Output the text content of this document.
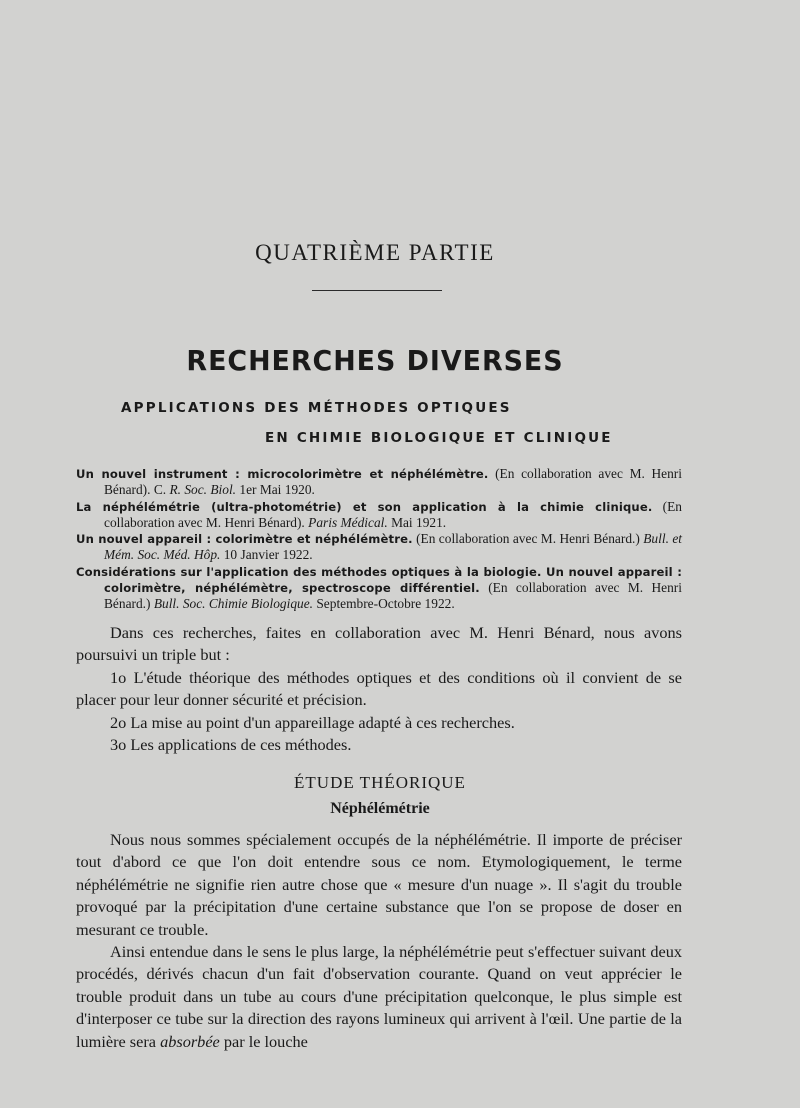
QUATRIÈME PARTIE
RECHERCHES DIVERSES
APPLICATIONS DES MÉTHODES OPTIQUES
EN CHIMIE BIOLOGIQUE ET CLINIQUE

Un nouvel instrument : microcolorimètre et néphélémètre. (En collaboration avec M. Henri Bénard). C. R. Soc. Biol. 1er Mai 1920.

La néphélémétrie (ultra-photométrie) et son application à la chimie clinique. (En collaboration avec M. Henri Bénard). Paris Médical. Mai 1921.

Un nouvel appareil : colorimètre et néphélémètre. (En collaboration avec M. Henri Bénard.) Bull. et Mém. Soc. Méd. Hôp. 10 Janvier 1922.

Considérations sur l'application des méthodes optiques à la biologie. Un nouvel appareil : colorimètre, néphélémètre, spectroscope différentiel. (En collaboration avec M. Henri Bénard.) Bull. Soc. Chimie Biologique. Septembre-Octobre 1922.

Dans ces recherches, faites en collaboration avec M. Henri Bénard, nous avons poursuivi un triple but :

1o L'étude théorique des méthodes optiques et des conditions où il convient de se placer pour leur donner sécurité et précision.

2o La mise au point d'un appareillage adapté à ces recherches.

3o Les applications de ces méthodes.

ÉTUDE THÉORIQUE
Néphélémétrie

Nous nous sommes spécialement occupés de la néphélémétrie. Il importe de préciser tout d'abord ce que l'on doit entendre sous ce nom. Etymologiquement, le terme néphélémétrie ne signifie rien autre chose que « mesure d'un nuage ». Il s'agit du trouble provoqué par la précipitation d'une certaine substance que l'on se propose de doser en mesurant ce trouble.

Ainsi entendue dans le sens le plus large, la néphélémétrie peut s'effectuer suivant deux procédés, dérivés chacun d'un fait d'observation courante. Quand on veut apprécier le trouble produit dans un tube au cours d'une précipitation quelconque, le plus simple est d'interposer ce tube sur la direction des rayons lumineux qui arrivent à l'œil. Une partie de la lumière sera absorbée par le louche
